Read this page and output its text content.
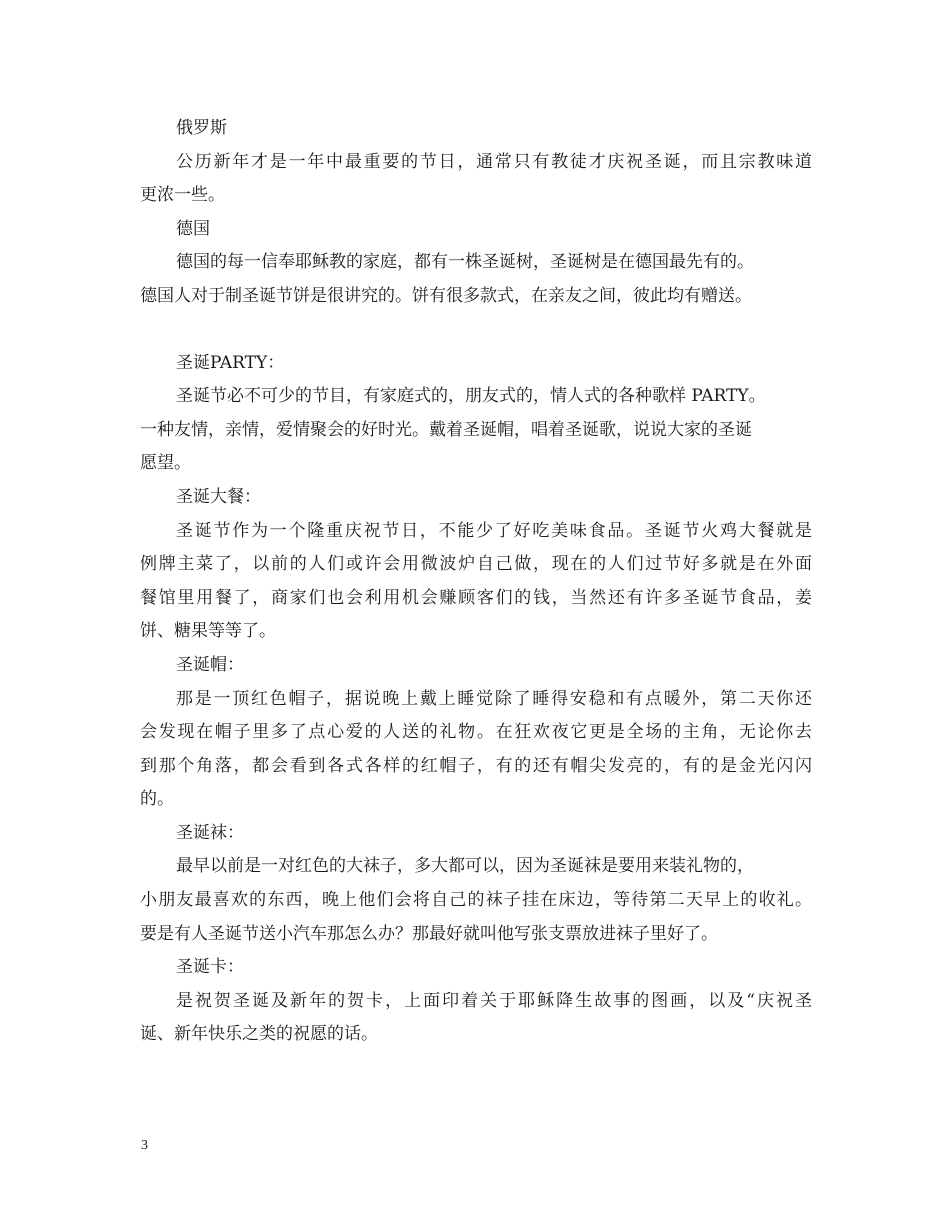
俄罗斯
公历新年才是一年中最重要的节日，通常只有教徒才庆祝圣诞，而且宗教味道
更浓一些。
德国
德国的每一信奉耶稣教的家庭，都有一株圣诞树，圣诞树是在德国最先有的。
德国人对于制圣诞节饼是很讲究的。饼有很多款式，在亲友之间，彼此均有赠送。
圣诞PARTY：
圣诞节必不可少的节目，有家庭式的，朋友式的，情人式的各种歌样 PARTY。
一种友情，亲情，爱情聚会的好时光。戴着圣诞帽，唱着圣诞歌，说说大家的圣诞
愿望。
圣诞大餐：
圣诞节作为一个隆重庆祝节日，不能少了好吃美味食品。圣诞节火鸡大餐就是
例牌主菜了，以前的人们或许会用微波炉自己做，现在的人们过节好多就是在外面
餐馆里用餐了，商家们也会利用机会赚顾客们的钱，当然还有许多圣诞节食品，姜
饼、糖果等等了。
圣诞帽：
那是一顶红色帽子，据说晚上戴上睡觉除了睡得安稳和有点暖外，第二天你还
会发现在帽子里多了点心爱的人送的礼物。在狂欢夜它更是全场的主角，无论你去
到那个角落，都会看到各式各样的红帽子，有的还有帽尖发亮的，有的是金光闪闪
的。
圣诞袜：
最早以前是一对红色的大袜子，多大都可以，因为圣诞袜是要用来装礼物的，
小朋友最喜欢的东西，晚上他们会将自己的袜子挂在床边，等待第二天早上的收礼。
要是有人圣诞节送小汽车那怎么办？那最好就叫他写张支票放进袜子里好了。
圣诞卡：
是祝贺圣诞及新年的贺卡，上面印着关于耶稣降生故事的图画，以及“庆祝圣
诞、新年快乐之类的祝愿的话。
3
